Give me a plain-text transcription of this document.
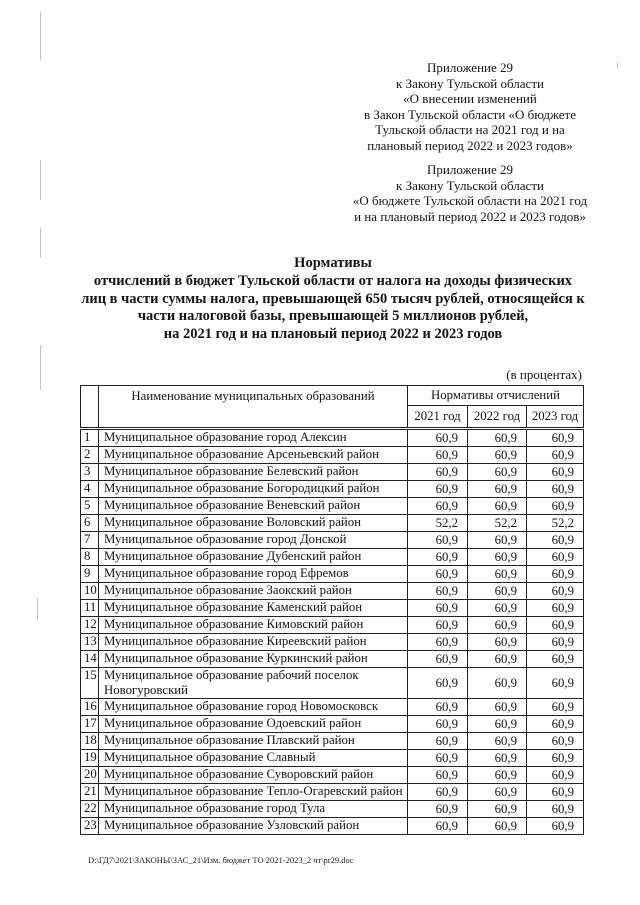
Приложение 29
к Закону Тульской области
«О внесении изменений
в Закон Тульской области «О бюджете
Тульской области на 2021 год и на
плановый период 2022 и 2023 годов»
Приложение 29
к Закону Тульской области
«О бюджете Тульской области на 2021 год
и на плановый период 2022 и 2023 годов»
Нормативы
отчислений в бюджет Тульской области от налога на доходы физических
лиц в части суммы налога, превышающей 650 тысяч рублей, относящейся к
части налоговой базы, превышающей 5 миллионов рублей,
на 2021 год и на плановый период 2022 и 2023 годов
(в процентах)
	Наименование муниципальных образований	Нормативы отчислений		
		2021 год	2022 год	2023 год
1	Муниципальное образование город Алексин	60,9	60,9	60,9
2	Муниципальное образование Арсеньевский район	60,9	60,9	60,9
3	Муниципальное образование Белевский район	60,9	60,9	60,9
4	Муниципальное образование Богородицкий район	60,9	60,9	60,9
5	Муниципальное образование Веневский район	60,9	60,9	60,9
6	Муниципальное образование Воловский район	52,2	52,2	52,2
7	Муниципальное образование город Донской	60,9	60,9	60,9
8	Муниципальное образование Дубенский район	60,9	60,9	60,9
9	Муниципальное образование город Ефремов	60,9	60,9	60,9
10	Муниципальное образование Заокский район	60,9	60,9	60,9
11	Муниципальное образование Каменский район	60,9	60,9	60,9
12	Муниципальное образование Кимовский район	60,9	60,9	60,9
13	Муниципальное образование Киреевский район	60,9	60,9	60,9
14	Муниципальное образование Куркинский район	60,9	60,9	60,9
15	Муниципальное образование рабочий поселок Новогуровский	60,9	60,9	60,9
16	Муниципальное образование город Новомосковск	60,9	60,9	60,9
17	Муниципальное образование Одоевский район	60,9	60,9	60,9
18	Муниципальное образование Плавский район	60,9	60,9	60,9
19	Муниципальное образование Славный	60,9	60,9	60,9
20	Муниципальное образование Суворовский район	60,9	60,9	60,9
21	Муниципальное образование Тепло-Огаревский район	60,9	60,9	60,9
22	Муниципальное образование город Тула	60,9	60,9	60,9
23	Муниципальное образование Узловский район	60,9	60,9	60,9
D:\ГД7\2021\ЗАКОНЫ\ЗАС_21\Изм. бюджет ТО 2021-2023_2 чт\pr29.doc
